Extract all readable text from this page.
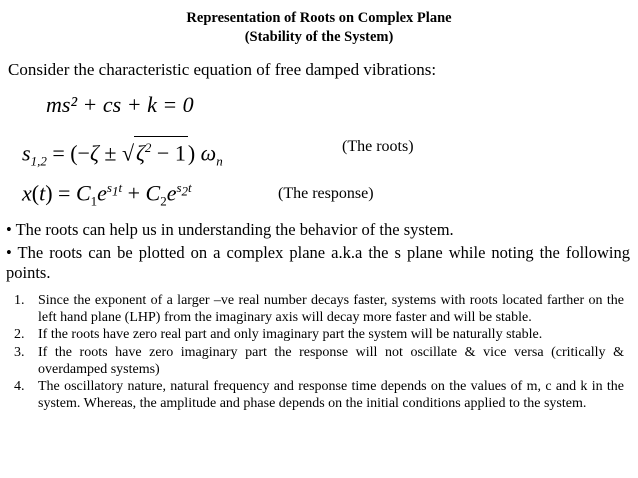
Representation of Roots on Complex Plane
(Stability of the System)
Consider the characteristic equation of free damped vibrations:
ms² + cs + k = 0
$s_{1,2} = (-\zeta \pm √\zeta^2 - 1)$ $\omega_n$
(The roots)
$x(t) = C_1e^{s_1t} + C_2e^{s_2t}$	(The response)
• The roots can help us in understanding the behavior of the system.
• The roots can be plotted on a complex plane a.k.a the s plane while noting the following points.
1. Since the exponent of a larger –ve real number decays faster, systems with roots located farther on the left hand plane (LHP) from the imaginary axis will decay more faster and will be stable.
2. If the roots have zero real part and only imaginary part the system will be naturally stable.
3. If the roots have zero imaginary part the response will not oscillate & vice versa (critically & overdamped systems)
4. The oscillatory nature, natural frequency and response time depends on the values of m, c and k in the system. Whereas, the amplitude and phase depends on the initial conditions applied to the system.
